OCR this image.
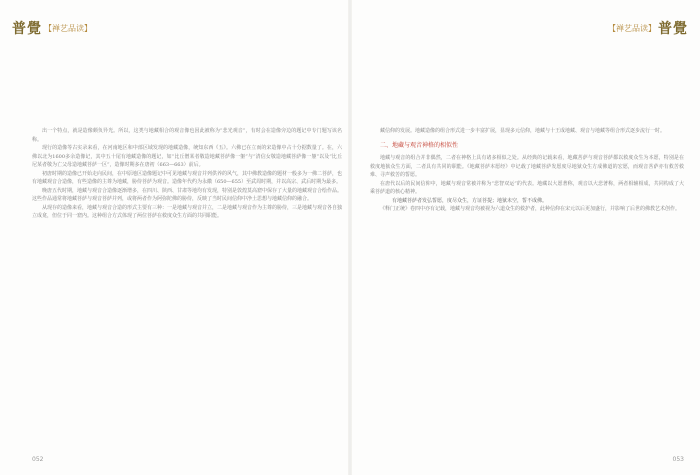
普覺 【禅艺品读】

出一个特点，就是造像颇负异光。所以，这类与地藏相合的观音像也因此被称为“悲光观音”，有时会在造像旁边的题记中专门题写该名称。

现行的造像等古实录来看，在河南地区和中部区域发现的地藏造像，统知东西《五》。六佛已在立而的宋造像中占十分据数量了。在，六佛以北为1600多余造像记，其中五十尾有地藏造像的题记，如“比丘僧某者敬造地藏菩萨像一躯”与“清信女敬造地藏菩萨像一躯”以及“比丘尼某者敬为亡父母造地藏菩萨一区”，造像时期多在唐初（663—663）前后。

初唐时期的造像已开始走向民间，在中原地区造像题记中可见地藏与观音并列供养的风气，其中佛教造像的题材一般多为一佛二菩萨，也有地藏观音合造像，有些造像的主尊为地藏，胁侍菩萨为观音。造像年代约为永徽（650—655）至武周时期，并以高宗、武后时期为最多。

晚唐五代时期，地藏与观音合造像逐渐增多，在四川、陕西、甘肃等地均有发现，特别是敦煌莫高窟中保存了大量的地藏观音合绘作品。这些作品通常将地藏菩萨与观音菩萨并列，或将两者作为阿弥陀佛的胁侍，反映了当时民间信仰中净土思想与地藏信仰的融合。

从现存的造像来看，地藏与观音合造的形式主要有三种：一是地藏与观音并立，二是地藏与观音作为主尊的胁侍，三是地藏与观音各自独立成龛，但位于同一窟内。这种组合方式体现了两位菩萨在救度众生方面的共同职能。

052
【禅艺品读】 普覺

藏信仰的发展。地藏造像的组合形式进一步丰富扩展，显现多元信仰，地藏与十王成地藏、观音与地藏等组合形式逐步流行一时。

二、地藏与观音神格的相似性

地藏与观音的组合并非偶然，二者在神格上具有诸多相似之处。从经典的记载来看，地藏菩萨与观音菩萨都以救度众生为本愿，特别是在救度地狱众生方面，二者具有共同的职能。《地藏菩萨本愿经》中记载了地藏菩萨发愿度尽地狱众生方成佛道的宏愿，而观音菩萨亦有救苦救难、寻声救苦的誓愿。

在唐代以后的民间信仰中，地藏与观音常被并称为“悲智双运”的代表。地藏以大愿著称，观音以大悲著称，两者相辅相成，共同构成了大乘菩萨道的核心精神。

有地藏菩萨者发弘誓愿，度尽众生，方证菩提；地狱未空，誓不成佛。

《释门正统》卷四中亦有记载，地藏与观音均被视为六道众生的救护者，此种信仰在宋元以后更加盛行，并影响了后世的佛教艺术创作。

053
